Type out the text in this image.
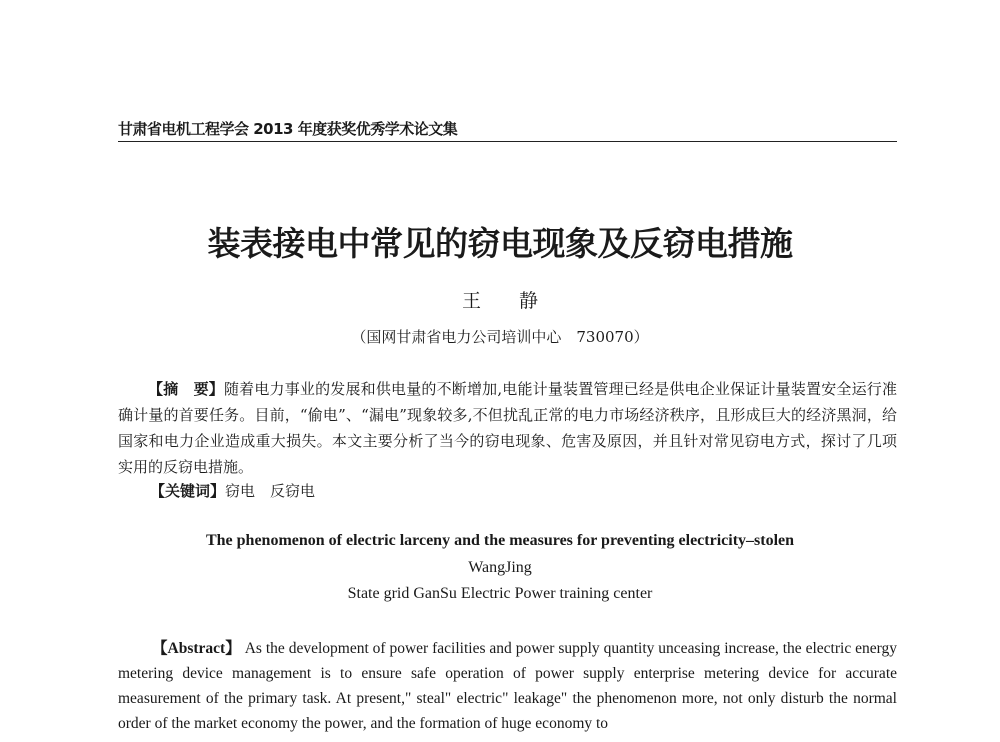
甘肃省电机工程学会 2013 年度获奖优秀学术论文集
装表接电中常见的窃电现象及反窃电措施
王 静
（国网甘肃省电力公司培训中心　730070）

【摘　要】随着电力事业的发展和供电量的不断增加,电能计量装置管理已经是供电企业保证计量装置安全运行准确计量的首要任务。目前，“偷电”、“漏电”现象较多,不但扰乱正常的电力市场经济秩序，且形成巨大的经济黑洞，给国家和电力企业造成重大损失。本文主要分析了当今的窃电现象、危害及原因，并且针对常见窃电方式，探讨了几项实用的反窃电措施。

【关键词】窃电　反窃电
The phenomenon of electric larceny and the measures for preventing electricity–stolen
WangJing
State grid GanSu Electric Power training center

【Abstract】 As the development of power facilities and power supply quantity unceasing increase, the electric energy metering device management is to ensure safe operation of power supply enterprise metering device for accurate measurement of the primary task. At present," steal" electric" leakage" the phenomenon more, not only disturb the normal order of the market economy the power, and the formation of huge economy to
